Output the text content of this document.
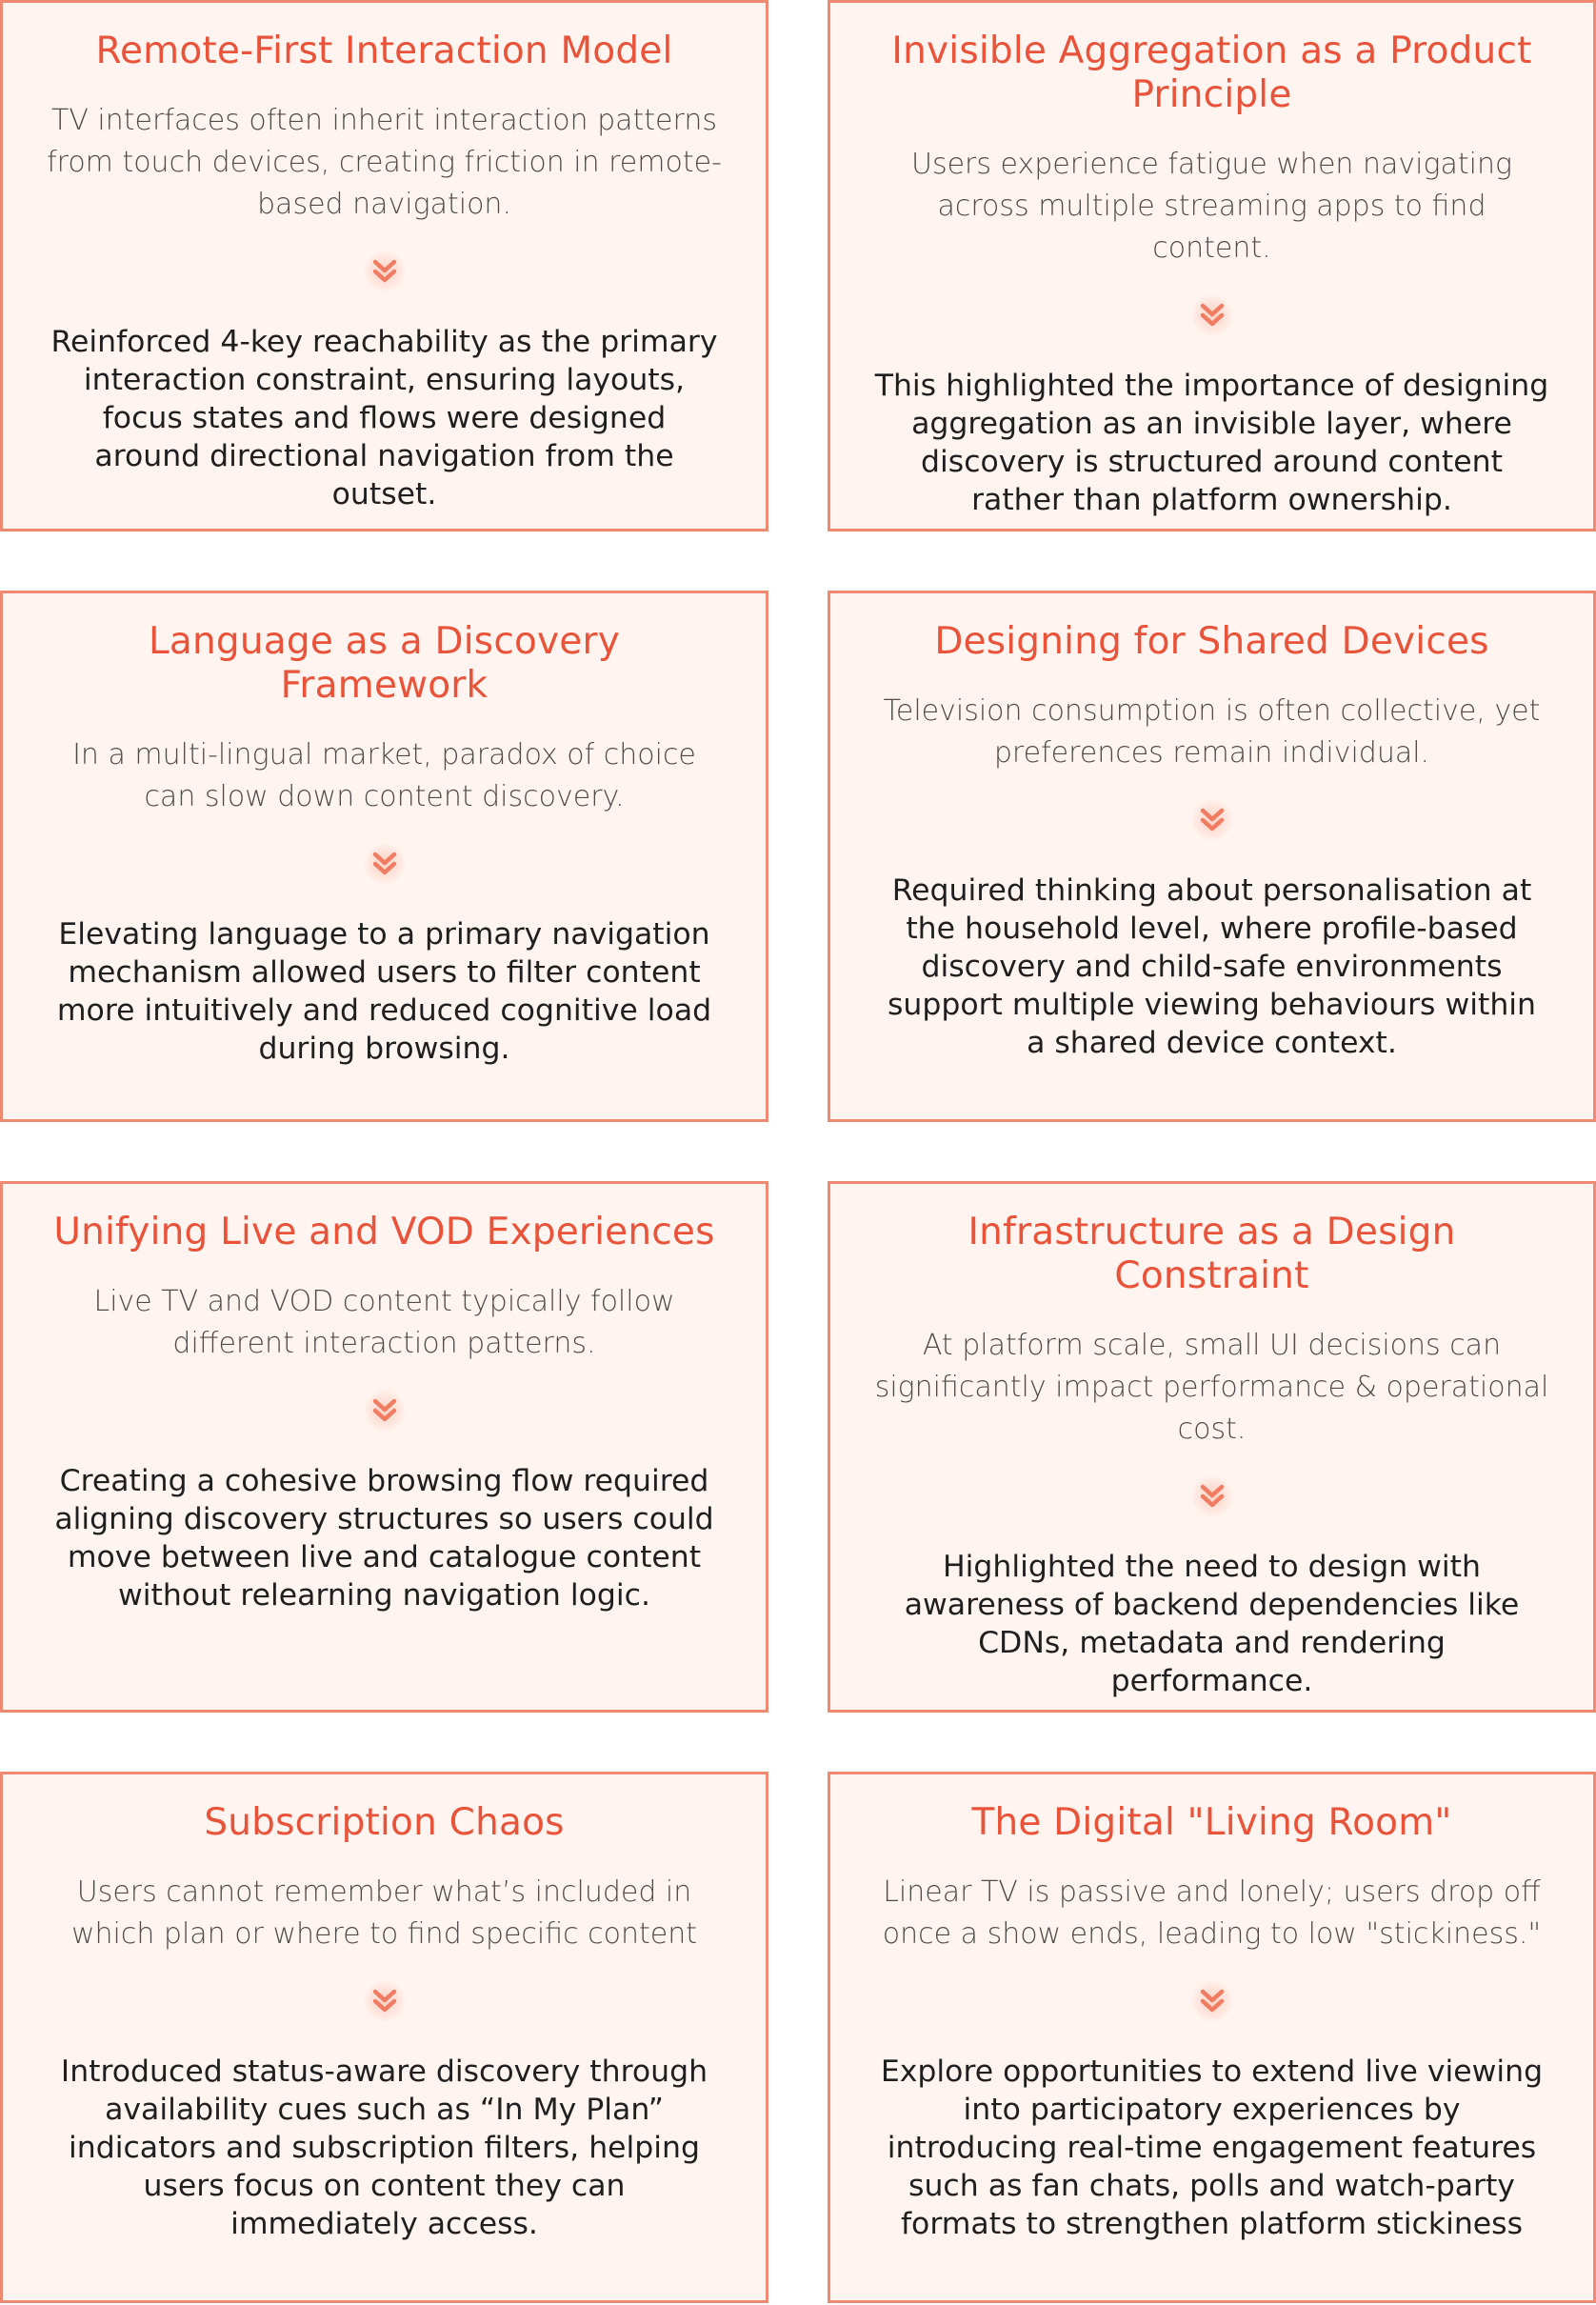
Remote-First Interaction Model

TV interfaces often inherit interaction patterns from touch devices, creating friction in remote-based navigation.

Reinforced 4-key reachability as the primary interaction constraint, ensuring layouts, focus states and flows were designed around directional navigation from the outset.

Invisible Aggregation as a Product Principle

Users experience fatigue when navigating across multiple streaming apps to find content.

This highlighted the importance of designing aggregation as an invisible layer, where discovery is structured around content rather than platform ownership.

Language as a Discovery Framework

In a multi-lingual market, paradox of choice can slow down content discovery.

Elevating language to a primary navigation mechanism allowed users to filter content more intuitively and reduced cognitive load during browsing.

Designing for Shared Devices

Television consumption is often collective, yet preferences remain individual.

Required thinking about personalisation at the household level, where profile-based discovery and child-safe environments support multiple viewing behaviours within a shared device context.

Unifying Live and VOD Experiences

Live TV and VOD content typically follow different interaction patterns.

Creating a cohesive browsing flow required aligning discovery structures so users could move between live and catalogue content without relearning navigation logic.

Infrastructure as a Design Constraint

At platform scale, small UI decisions can significantly impact performance & operational cost.

Highlighted the need to design with awareness of backend dependencies like CDNs, metadata and rendering performance.

Subscription Chaos

Users cannot remember what’s included in which plan or where to find specific content

Introduced status-aware discovery through availability cues such as “In My Plan” indicators and subscription filters, helping users focus on content they can immediately access.

The Digital "Living Room"

Linear TV is passive and lonely; users drop off once a show ends, leading to low "stickiness."

Explore opportunities to extend live viewing into participatory experiences by introducing real-time engagement features such as fan chats, polls and watch-party formats to strengthen platform stickiness
